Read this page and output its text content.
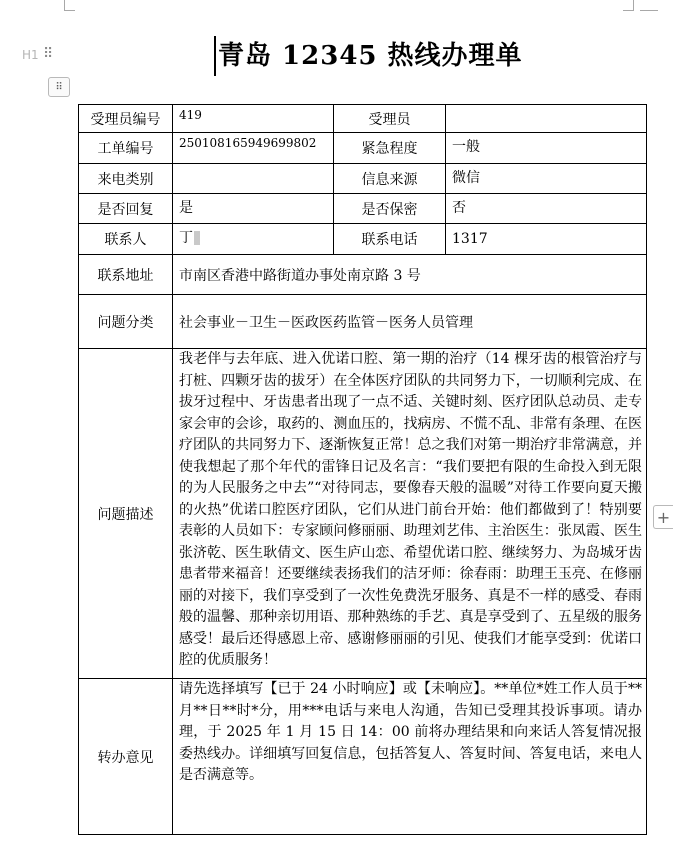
H1 ⠿
⠿
+
青岛 12345 热线办理单
受理员编号	419	受理员	
工单编号	250108165949699802	紧急程度	一般
来电类别		信息来源	微信
是否回复	是	是否保密	否
联系人	丁	联系电话	1317
联系地址	市南区香港中路街道办事处南京路 3 号		
问题分类	社会事业－卫生－医政医药监管－医务人员管理		
问题描述	我老伴与去年底、进入优诺口腔、第一期的治疗（14 棵牙齿的根管治疗与打桩、四颗牙齿的拔牙）在全体医疗团队的共同努力下，一切顺利完成、在拔牙过程中、牙齿患者出现了一点不适、关键时刻、医疗团队总动员、走专家会审的会诊，取药的、测血压的，找病房、不慌不乱、非常有条理、在医疗团队的共同努力下、逐渐恢复正常！总之我们对第一期治疗非常满意，并使我想起了那个年代的雷锋日记及名言：“我们要把有限的生命投入到无限的为人民服务之中去”“对待同志，要像春天般的温暖”对待工作要向夏天搬的火热”优诺口腔医疗团队，它们从进门前台开始：他们都做到了！特别要表彰的人员如下：专家顾问修丽丽、助理刘艺伟、主治医生：张凤霞、医生张济乾、医生耿倩文、医生庐山恋、希望优诺口腔、继续努力、为岛城牙齿患者带来福音！还要继续表扬我们的洁牙师：徐春雨：助理王玉亮、在修丽丽的对接下，我们享受到了一次性免费洗牙服务、真是不一样的感受、春雨般的温馨、那种亲切用语、那种熟练的手艺、真是享受到了、五星级的服务感受！最后还得感恩上帝、感谢修丽丽的引见、使我们才能享受到：优诺口腔的优质服务！		
转办意见	请先选择填写【已于 24 小时响应】或【未响应】。**单位*姓工作人员于**月**日**时*分，用***电话与来电人沟通，告知已受理其投诉事项。请办理，于 2025 年 1 月 15 日 14：00 前将办理结果和向来话人答复情况报委热线办。详细填写回复信息，包括答复人、答复时间、答复电话，来电人是否满意等。		
